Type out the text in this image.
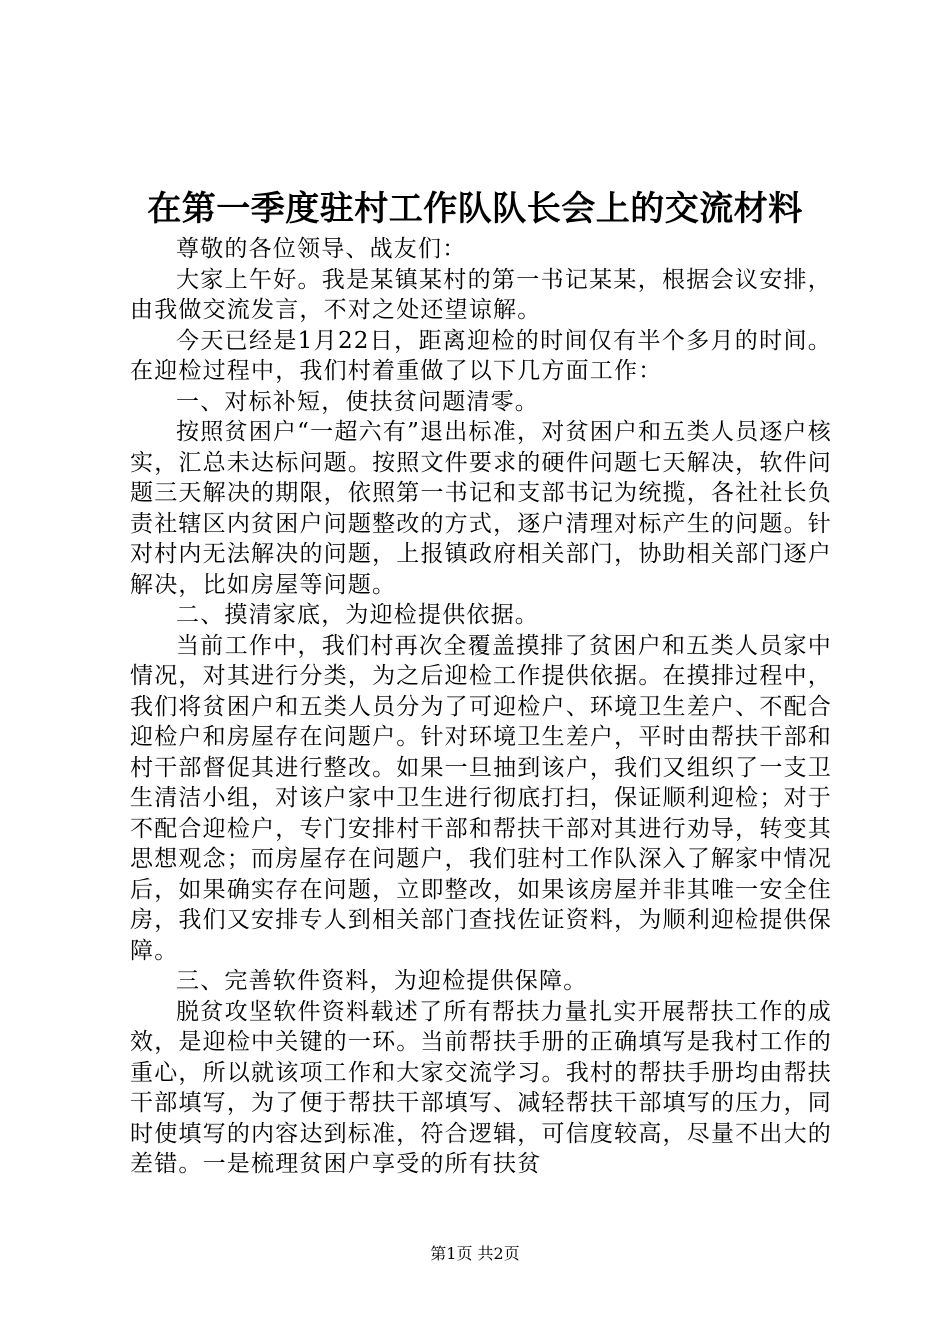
在第一季度驻村工作队队长会上的交流材料

尊敬的各位领导、战友们：

大家上午好。我是某镇某村的第一书记某某，根据会议安排，由我做交流发言，不对之处还望谅解。

今天已经是1月22日，距离迎检的时间仅有半个多月的时间。在迎检过程中，我们村着重做了以下几方面工作：

一、对标补短，使扶贫问题清零。

按照贫困户“一超六有”退出标准，对贫困户和五类人员逐户核实，汇总未达标问题。按照文件要求的硬件问题七天解决，软件问题三天解决的期限，依照第一书记和支部书记为统揽，各社社长负责社辖区内贫困户问题整改的方式，逐户清理对标产生的问题。针对村内无法解决的问题，上报镇政府相关部门，协助相关部门逐户解决，比如房屋等问题。

二、摸清家底，为迎检提供依据。

当前工作中，我们村再次全覆盖摸排了贫困户和五类人员家中情况，对其进行分类，为之后迎检工作提供依据。在摸排过程中，我们将贫困户和五类人员分为了可迎检户、环境卫生差户、不配合迎检户和房屋存在问题户。针对环境卫生差户，平时由帮扶干部和村干部督促其进行整改。如果一旦抽到该户，我们又组织了一支卫生清洁小组，对该户家中卫生进行彻底打扫，保证顺利迎检；对于不配合迎检户，专门安排村干部和帮扶干部对其进行劝导，转变其思想观念；而房屋存在问题户，我们驻村工作队深入了解家中情况后，如果确实存在问题，立即整改，如果该房屋并非其唯一安全住房，我们又安排专人到相关部门查找佐证资料，为顺利迎检提供保障。

三、完善软件资料，为迎检提供保障。

脱贫攻坚软件资料载述了所有帮扶力量扎实开展帮扶工作的成效，是迎检中关键的一环。当前帮扶手册的正确填写是我村工作的重心，所以就该项工作和大家交流学习。我村的帮扶手册均由帮扶干部填写，为了便于帮扶干部填写、减轻帮扶干部填写的压力，同时使填写的内容达到标准，符合逻辑，可信度较高，尽量不出大的差错。一是梳理贫困户享受的所有扶贫

第1页 共2页
